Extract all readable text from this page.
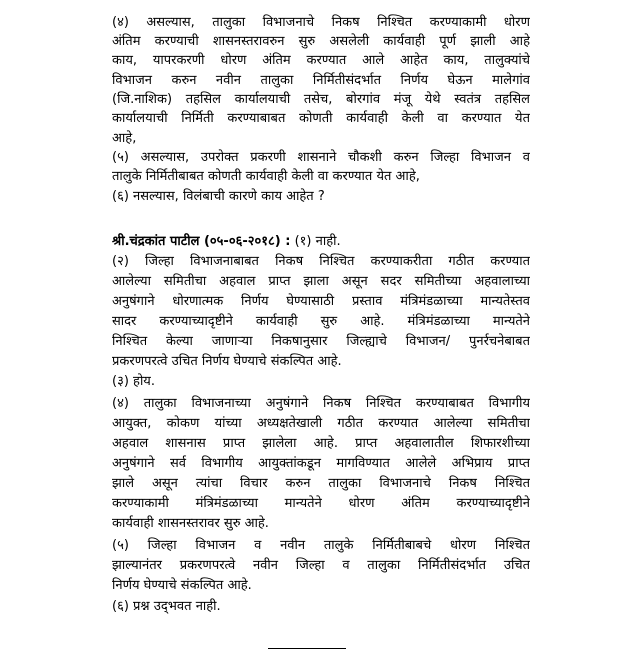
(४) असल्यास, तालुका विभाजनाचे निकष निश्चित करण्याकामी धोरण
अंतिम करण्याची शासनस्तरावरुन सुरु असलेली कार्यवाही पूर्ण झाली आहे
काय, यापरकरणी धोरण अंतिम करण्यात आले आहेत काय, तालुक्यांचे
विभाजन करुन नवीन तालुका निर्मितीसंदर्भात निर्णय घेऊन मालेगांव
(जि.नाशिक) तहसिल कार्यालयाची तसेच, बोरगांव मंजू येथे स्वतंत्र तहसिल
कार्यालयाची निर्मिती करण्याबाबत कोणती कार्यवाही केली वा करण्यात येत
आहे,
(५) असल्यास, उपरोक्त प्रकरणी शासनाने चौकशी करुन जिल्हा विभाजन व
तालुके निर्मितीबाबत कोणती कार्यवाही केली वा करण्यात येत आहे,
(६) नसल्यास, विलंबाची कारणे काय आहेत ?
श्री.चंद्रकांत पाटील (०५-०६-२०१८) : (१) नाही.
(२) जिल्हा विभाजनाबाबत निकष निश्चित करण्याकरीता गठीत करण्यात
आलेल्या समितीचा अहवाल प्राप्त झाला असून सदर समितीच्या अहवालाच्या
अनुषंगाने धोरणात्मक निर्णय घेण्यासाठी प्रस्ताव मंत्रिमंडळाच्या मान्यतेस्तव
सादर करण्याच्यादृष्टीने कार्यवाही सुरु आहे. मंत्रिमंडळाच्या मान्यतेने
निश्चित केल्या जाणाऱ्या निकषानुसार जिल्ह्याचे विभाजन/ पुनर्रचनेबाबत
प्रकरणपरत्वे उचित निर्णय घेण्याचे संकल्पित आहे.
(३) होय.
(४) तालुका विभाजनाच्या अनुषंगाने निकष निश्चित करण्याबाबत विभागीय
आयुक्त, कोकण यांच्या अध्यक्षतेखाली गठीत करण्यात आलेल्या समितीचा
अहवाल शासनास प्राप्त झालेला आहे. प्राप्त अहवालातील शिफारशीच्या
अनुषंगाने सर्व विभागीय आयुक्तांकडून मागविण्यात आलेले अभिप्राय प्राप्त
झाले असून त्यांचा विचार करुन तालुका विभाजनाचे निकष निश्चित
करण्याकामी मंत्रिमंडळाच्या मान्यतेने धोरण अंतिम करण्याच्यादृष्टीने
कार्यवाही शासनस्तरावर सुरु आहे.
(५) जिल्हा विभाजन व नवीन तालुके निर्मितीबाबचे धोरण निश्चित
झाल्यानंतर प्रकरणपरत्वे नवीन जिल्हा व तालुका निर्मितीसंदर्भात उचित
निर्णय घेण्याचे संकल्पित आहे.
(६) प्रश्न उद्‌भवत नाही.
